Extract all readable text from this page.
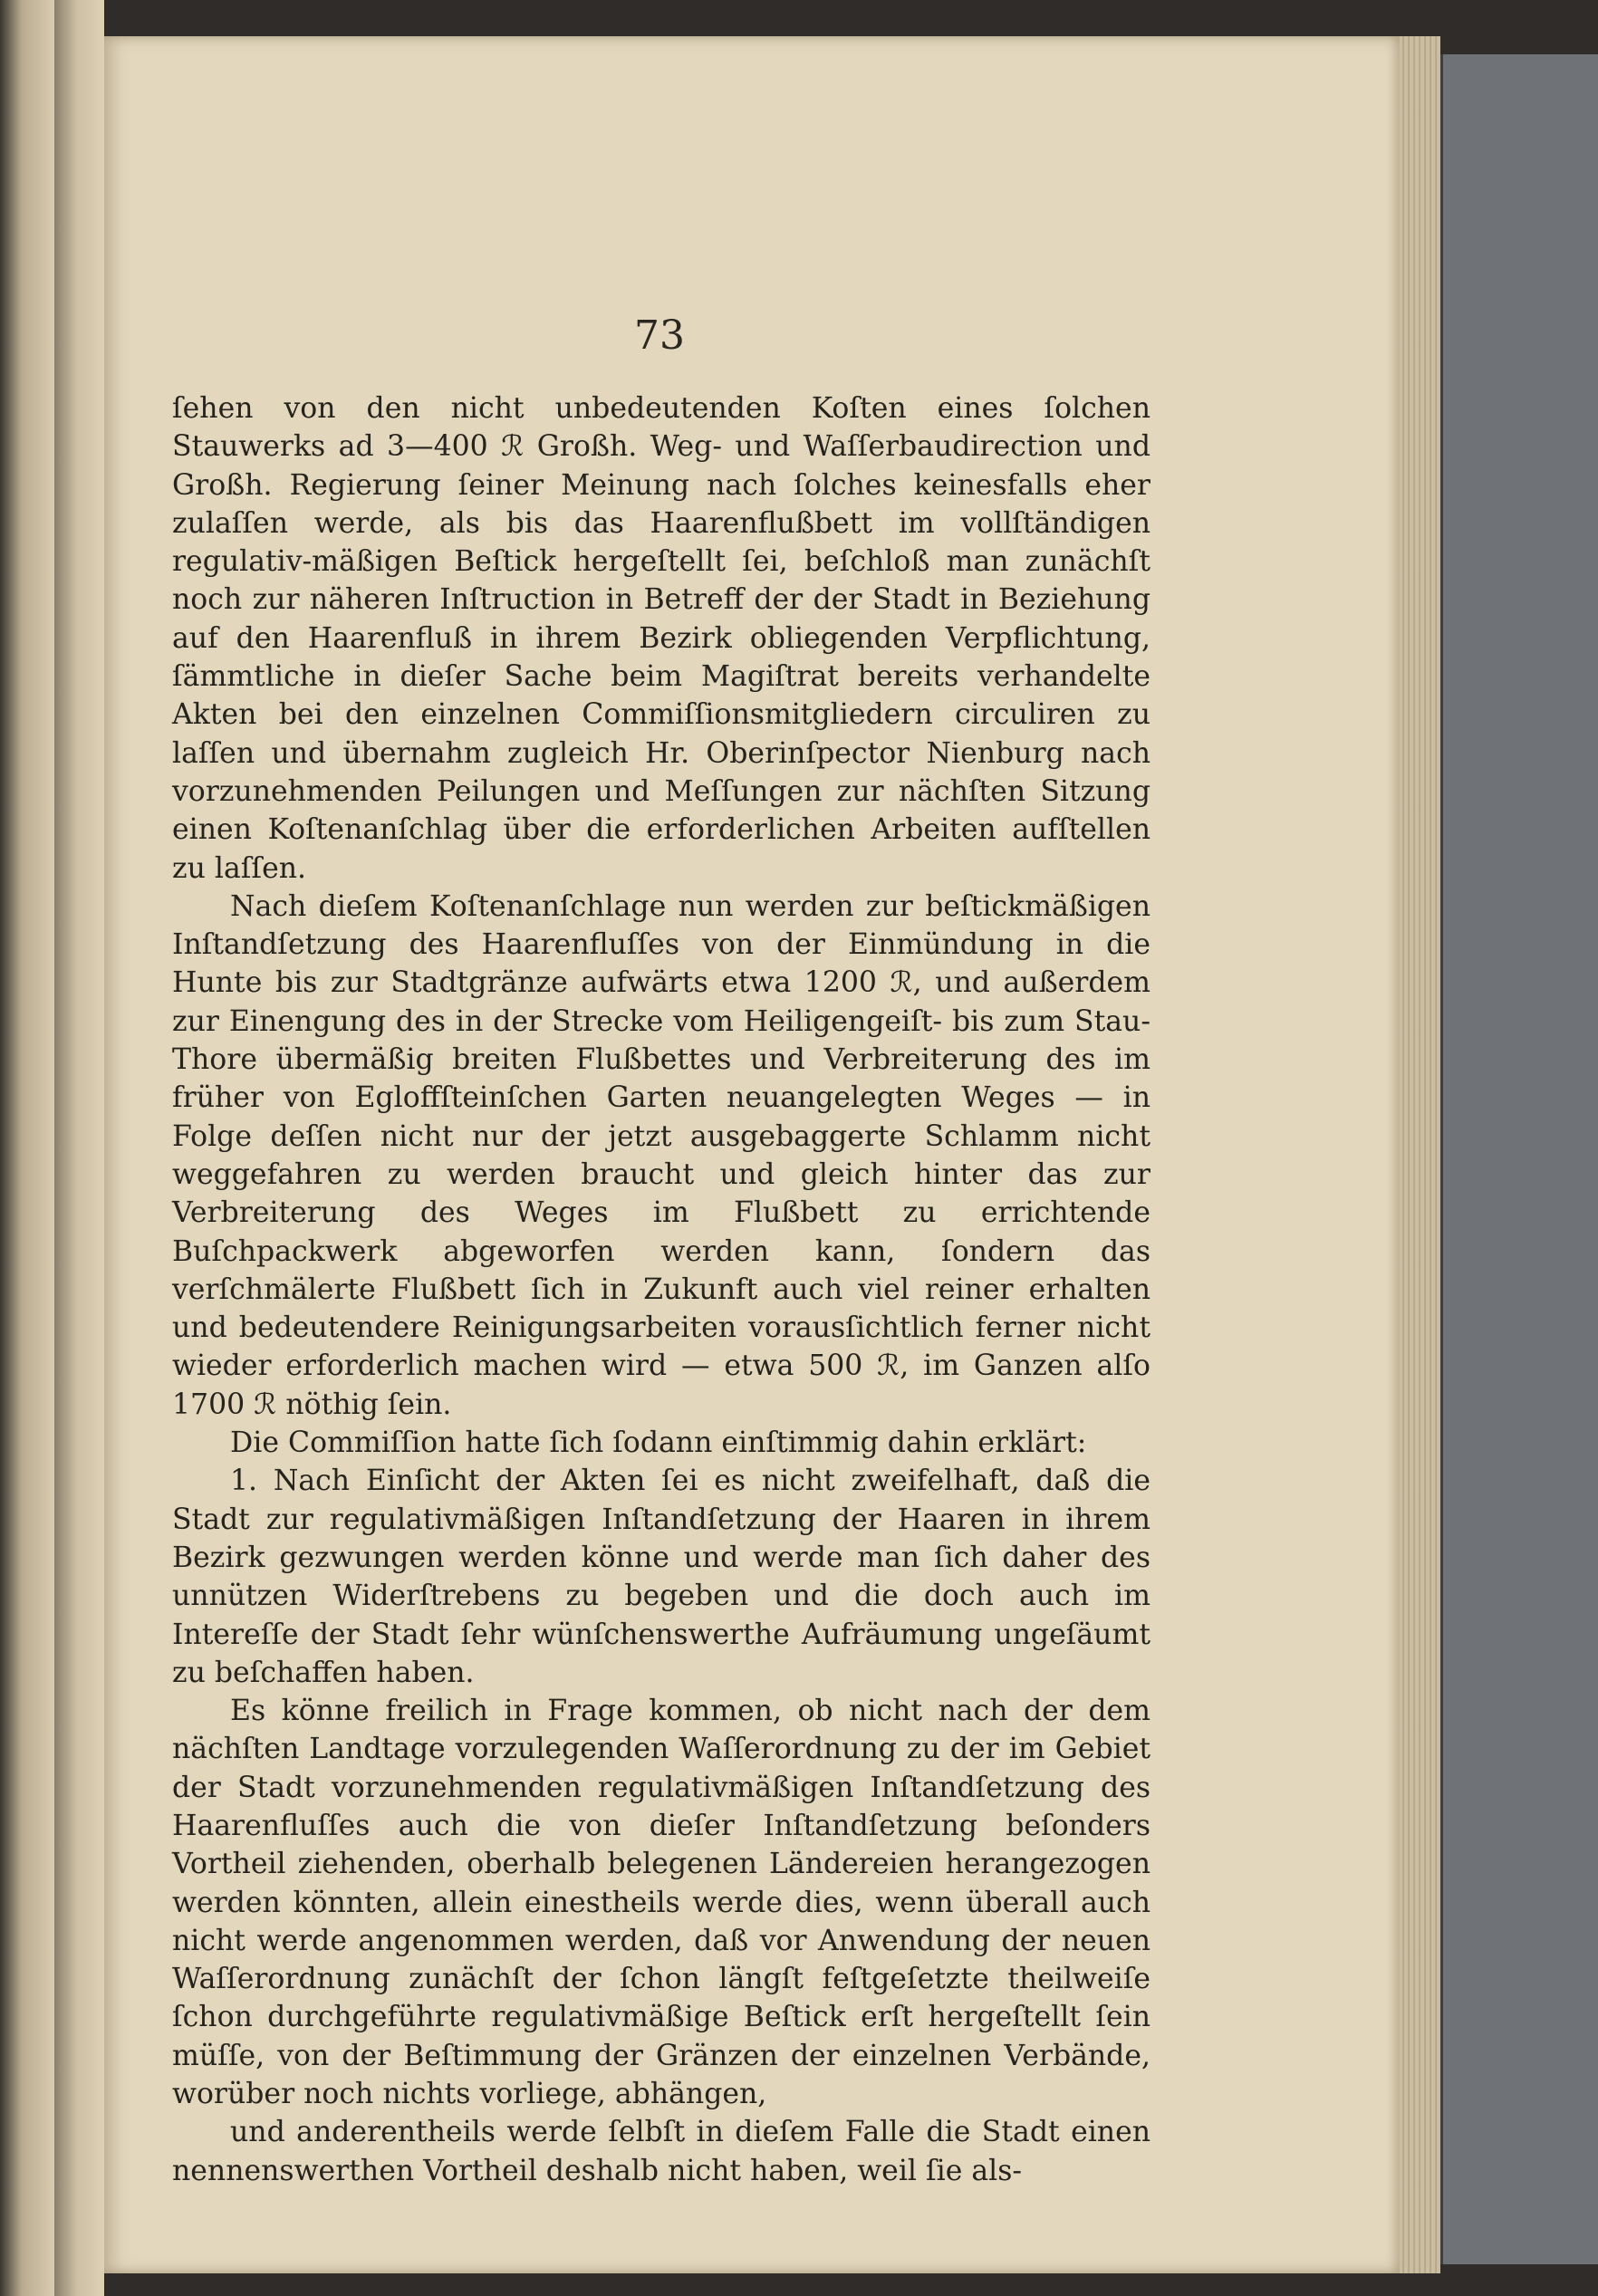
73

ſehen von den nicht unbedeutenden Koſten eines ſolchen Stauwerks ad 3—400 ℛ Großh. Weg- und Waſſerbaudirection und Großh. Regierung ſeiner Meinung nach ſolches keinesfalls eher zulaſſen werde, als bis das Haarenflußbett im vollſtändigen regulativ-mäßigen Beſtick hergeſtellt ſei, beſchloß man zunächſt noch zur näheren Inſtruction in Betreff der der Stadt in Beziehung auf den Haarenfluß in ihrem Bezirk obliegenden Verpflichtung, ſämmtliche in dieſer Sache beim Magiſtrat bereits verhandelte Akten bei den einzelnen Commiſſionsmitgliedern circuliren zu laſſen und übernahm zugleich Hr. Oberinſpector Nienburg nach vorzunehmenden Peilungen und Meſſungen zur nächſten Sitzung einen Koſtenanſchlag über die erforderlichen Arbeiten aufſtellen zu laſſen.

Nach dieſem Koſtenanſchlage nun werden zur beſtickmäßigen Inſtandſetzung des Haarenfluſſes von der Einmündung in die Hunte bis zur Stadtgränze aufwärts etwa 1200 ℛ, und außerdem zur Einengung des in der Strecke vom Heiligengeiſt- bis zum Stau-Thore übermäßig breiten Flußbettes und Verbreiterung des im früher von Egloffſteinſchen Garten neuangelegten Weges — in Folge deſſen nicht nur der jetzt ausgebaggerte Schlamm nicht weggefahren zu werden braucht und gleich hinter das zur Verbreiterung des Weges im Flußbett zu errichtende Buſchpackwerk abgeworfen werden kann, ſondern das verſchmälerte Flußbett ſich in Zukunft auch viel reiner erhalten und bedeutendere Reinigungsarbeiten vorausſichtlich ferner nicht wieder erforderlich machen wird — etwa 500 ℛ, im Ganzen alſo 1700 ℛ nöthig ſein.

Die Commiſſion hatte ſich ſodann einſtimmig dahin erklärt:

1. Nach Einſicht der Akten ſei es nicht zweifelhaft, daß die Stadt zur regulativmäßigen Inſtandſetzung der Haaren in ihrem Bezirk gezwungen werden könne und werde man ſich daher des unnützen Widerſtrebens zu begeben und die doch auch im Intereſſe der Stadt ſehr wünſchenswerthe Aufräumung ungeſäumt zu beſchaffen haben.

Es könne freilich in Frage kommen, ob nicht nach der dem nächſten Landtage vorzulegenden Waſſerordnung zu der im Gebiet der Stadt vorzunehmenden regulativmäßigen Inſtandſetzung des Haarenfluſſes auch die von dieſer Inſtandſetzung beſonders Vortheil ziehenden, oberhalb belegenen Ländereien herangezogen werden könnten, allein einestheils werde dies, wenn überall auch nicht werde angenommen werden, daß vor Anwendung der neuen Waſſerordnung zunächſt der ſchon längſt feſtgeſetzte theilweiſe ſchon durchgeführte regulativmäßige Beſtick erſt hergeſtellt ſein müſſe, von der Beſtimmung der Gränzen der einzelnen Verbände, worüber noch nichts vorliege, abhängen,

und anderentheils werde ſelbſt in dieſem Falle die Stadt einen nennenswerthen Vortheil deshalb nicht haben, weil ſie als-
